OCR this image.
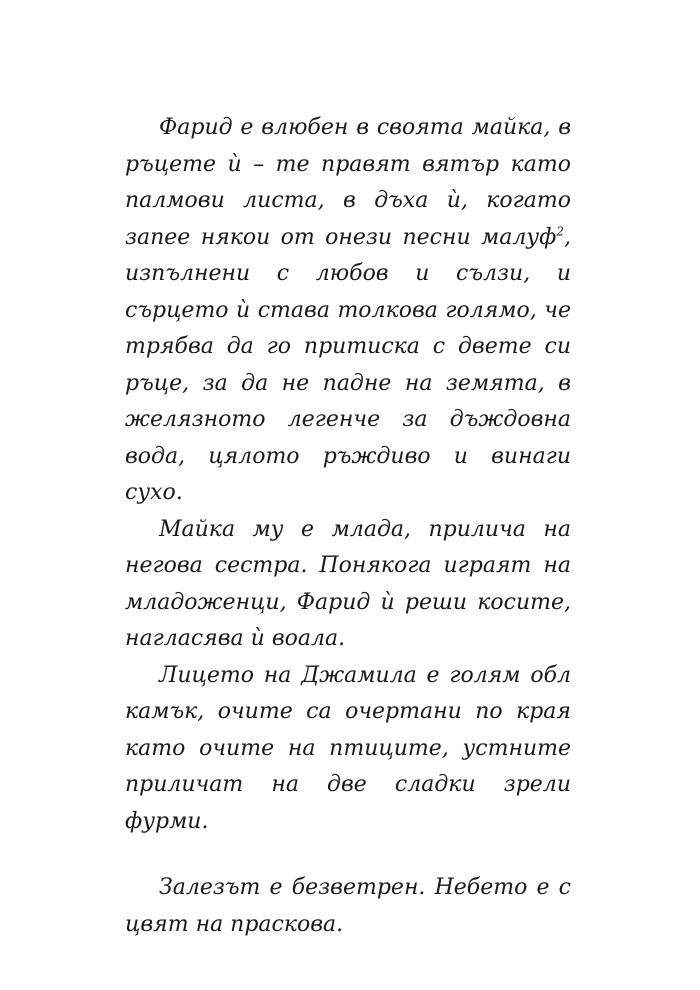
Фарид е влюбен в своята майка, в ръцете ѝ – те правят вятър като палмови листа, в дъха ѝ, когато запее някои от онези песни малуф$^2$, изпълнени с любов и сълзи, и сърцето ѝ става толкова голямо, че трябва да го притиска с двете си ръце, за да не падне на земята, в желязното легенче за дъждовна вода, цялото ръждиво и винаги сухо.

Майка му е млада, прилича на негова сестра. Понякога играят на младоженци, Фарид ѝ реши косите, нагласява ѝ воала.

Лицето на Джамила е голям обл камък, очите са очертани по края като очите на птиците, устните приличат на две сладки зрели фурми.

Залезът е безветрен. Небето е с цвят на праскова.
